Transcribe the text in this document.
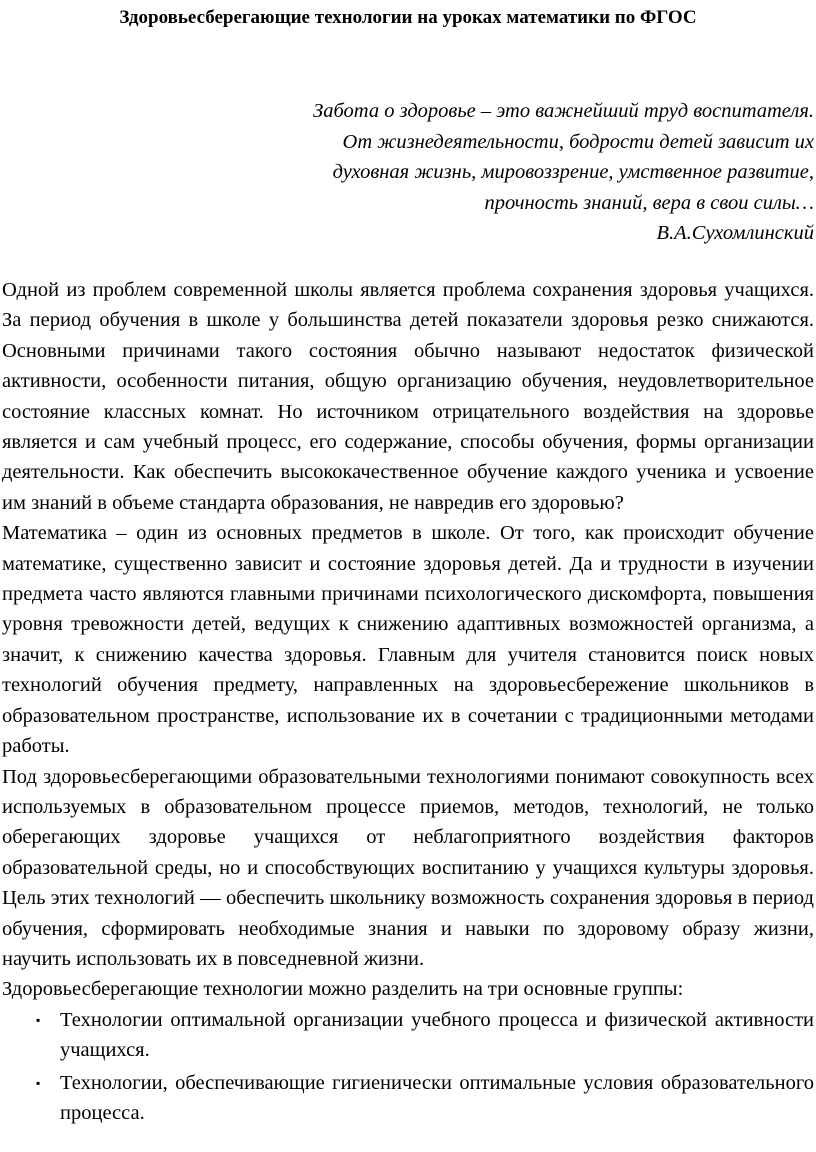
Здоровьесберегающие технологии на уроках математики по ФГОС
Забота о здоровье – это важнейший труд воспитателя.
От жизнедеятельности, бодрости детей зависит их
духовная жизнь, мировоззрение, умственное развитие,
прочность знаний, вера в свои силы…
В.А.Сухомлинский

Одной из проблем современной школы является проблема сохранения здоровья учащихся. За период обучения в школе у большинства детей показатели здоровья резко снижаются. Основными причинами такого состояния обычно называют недостаток физической активности, особенности питания, общую организацию обучения, неудовлетворительное состояние классных комнат. Но источником отрицательного воздействия на здоровье является и сам учебный процесс, его содержание, способы обучения, формы организации деятельности. Как обеспечить высококачественное обучение каждого ученика и усвоение им знаний в объеме стандарта образования, не навредив его здоровью?

Математика – один из основных предметов в школе. От того, как происходит обучение математике, существенно зависит и состояние здоровья детей. Да и трудности в изучении предмета часто являются главными причинами психологического дискомфорта, повышения уровня тревожности детей, ведущих к снижению адаптивных возможностей организма, а значит, к снижению качества здоровья. Главным для учителя становится поиск новых технологий обучения предмету, направленных на здоровьесбережение школьников в образовательном пространстве, использование их в сочетании с традиционными методами работы.

Под здоровьесберегающими образовательными технологиями понимают совокупность всех используемых в образовательном процессе приемов, методов, технологий, не только оберегающих здоровье учащихся от неблагоприятного воздействия факторов образовательной среды, но и способствующих воспитанию у учащихся культуры здоровья. Цель этих технологий — обеспечить школьнику возможность сохранения здоровья в период обучения, сформировать необходимые знания и навыки по здоровому образу жизни, научить использовать их в повседневной жизни.

Здоровьесберегающие технологии можно разделить на три основные группы:

▪ Технологии оптимальной организации учебного процесса и физической активности учащихся.
▪ Технологии, обеспечивающие гигиенически оптимальные условия образовательного процесса.
